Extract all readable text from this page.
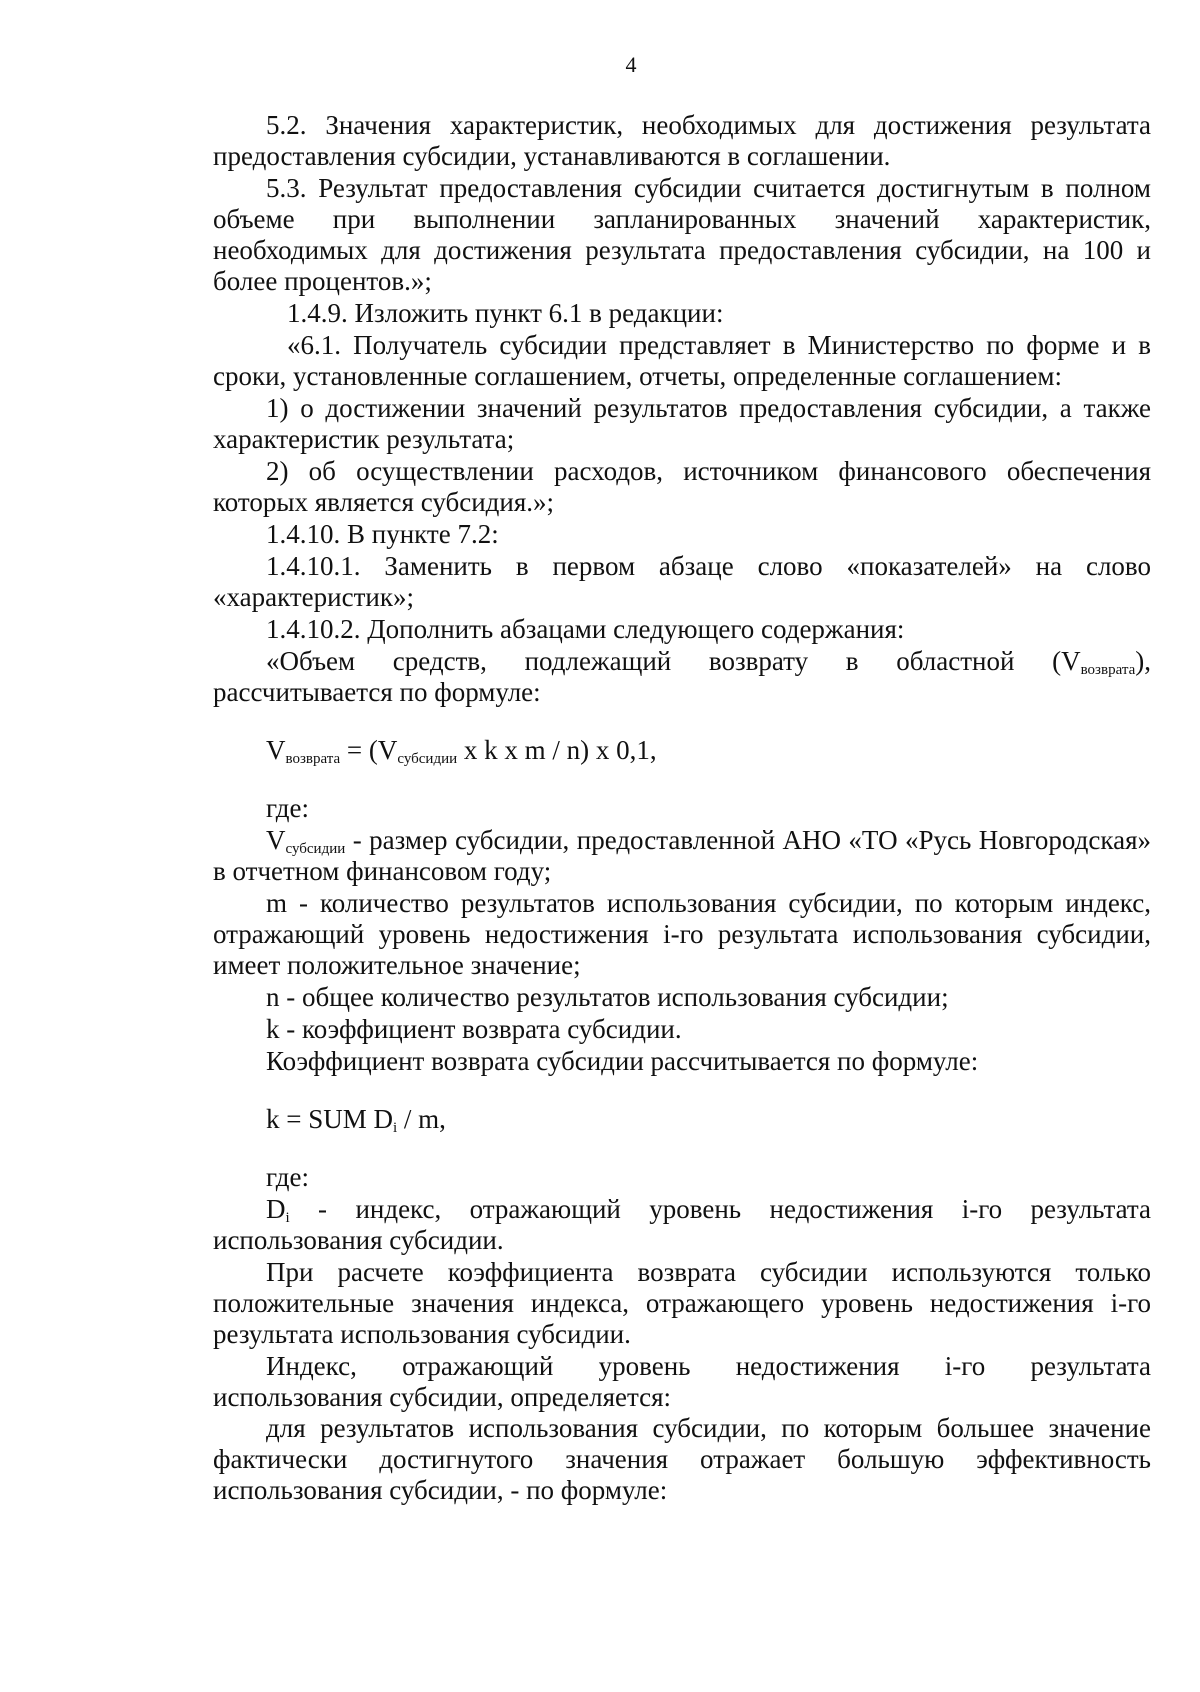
4

5.2. Значения характеристик, необходимых для достижения результата предоставления субсидии, устанавливаются в соглашении.

5.3. Результат предоставления субсидии считается достигнутым в полном объеме при выполнении запланированных значений характеристик, необходимых для достижения результата предоставления субсидии, на 100 и более процентов.»;

1.4.9. Изложить пункт 6.1 в редакции:

«6.1. Получатель субсидии представляет в Министерство по форме и в сроки, установленные соглашением, отчеты, определенные соглашением:

1) о достижении значений результатов предоставления субсидии, а также характеристик результата;

2) об осуществлении расходов, источником финансового обеспечения которых является субсидия.»;

1.4.10. В пункте 7.2:

1.4.10.1. Заменить в первом абзаце слово «показателей» на слово «характеристик»;

1.4.10.2. Дополнить абзацами следующего содержания:

«Объем средств, подлежащий возврату в областной $(V_{возврата})$,
рассчитывается по формуле:

$V_{возврата} = (V_{субсидии}$ x k x m / n) x 0,1,

где:

$V_{субсидии}$ - размер субсидии, предоставленной АНО «ТО «Русь Новгородская» в отчетном финансовом году;

m - количество результатов использования субсидии, по которым индекс, отражающий уровень недостижения i-го результата использования субсидии, имеет положительное значение;

n - общее количество результатов использования субсидии;

k - коэффициент возврата субсидии.

Коэффициент возврата субсидии рассчитывается по формуле:

k = SUM $D_i$ / m,

где:

$D_i$ - индекс, отражающий уровень недостижения i-го результата использования субсидии.

При расчете коэффициента возврата субсидии используются только положительные значения индекса, отражающего уровень недостижения i-го результата использования субсидии.

Индекс, отражающий уровень недостижения i-го результата
использования субсидии, определяется:

для результатов использования субсидии, по которым большее значение фактически достигнутого значения отражает большую эффективность использования субсидии, - по формуле:
